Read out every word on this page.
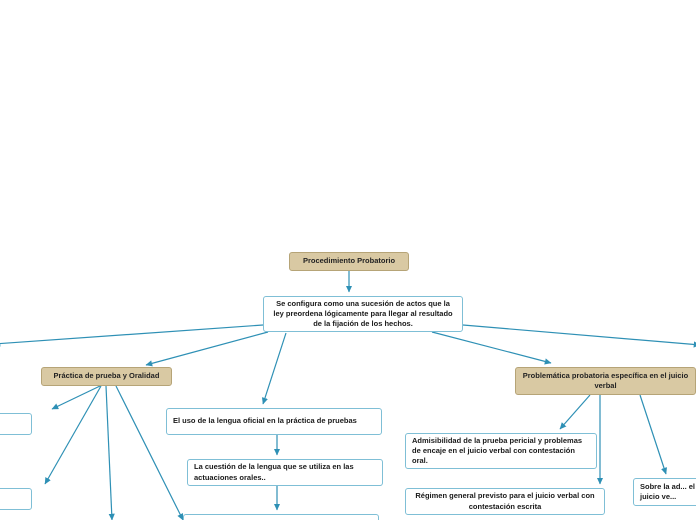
Procedimiento Probatorio
Se configura como una sucesión de actos que la ley preordena lógicamente para llegar al resultado de la fijación de los hechos.
Práctica de prueba y Oralidad	Problemática probatoria específica en el juicio verbal
El uso de la lengua oficial en la práctica de pruebas
La cuestión de la lengua que se utiliza en las actuaciones orales..
Admisibilidad de la prueba pericial y problemas de encaje en el juicio verbal con contestación oral.
Régimen general previsto para el juicio verbal con contestación escrita
Sobre la ad... el juicio ve...
